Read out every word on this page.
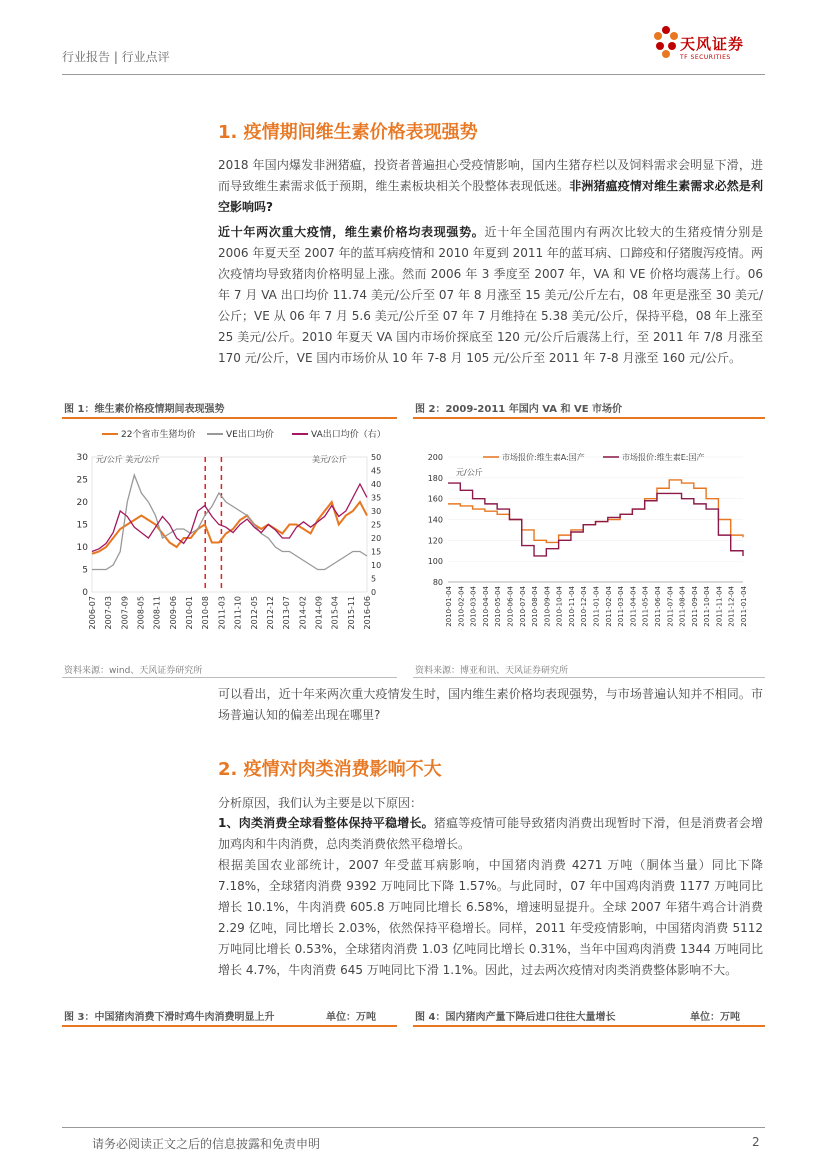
行业报告 | 行业点评
天风证券
TF SECURITIES
1. 疫情期间维生素价格表现强势
2018 年国内爆发非洲猪瘟，投资者普遍担心受疫情影响，国内生猪存栏以及饲料需求会明显下滑，进而导致维生素需求低于预期，维生素板块相关个股整体表现低迷。非洲猪瘟疫情对维生素需求必然是利空影响吗?
近十年两次重大疫情，维生素价格均表现强势。近十年全国范围内有两次比较大的生猪疫情分别是 2006 年夏天至 2007 年的蓝耳病疫情和 2010 年夏到 2011 年的蓝耳病、口蹄疫和仔猪腹泻疫情。两次疫情均导致猪肉价格明显上涨。然而 2006 年 3 季度至 2007 年，VA 和 VE 价格均震荡上行。06 年 7 月 VA 出口均价 11.74 美元/公斤至 07 年 8 月涨至 15 美元/公斤左右，08 年更是涨至 30 美元/公斤；VE 从 06 年 7 月 5.6 美元/公斤至 07 年 7 月维持在 5.38 美元/公斤，保持平稳，08 年上涨至 25 美元/公斤。2010 年夏天 VA 国内市场价探底至 120 元/公斤后震荡上行，至 2011 年 7/8 月涨至 170 元/公斤，VE 国内市场价从 10 年 7-8 月 105 元/公斤至 2011 年 7-8 月涨至 160 元/公斤。
图 1：维生素价格疫情期间表现强势
22个省市生猪均价	VE出口均价	VA出口均价（右）
元/公斤 美元/公斤	美元/公斤
0
5
10
15
20
25
30
0
5
10
15
20
25
30
35
40
45
50
2006-07 2007-03 2007-09 2008-05 2008-11 2009-06 2010-01 2010-08 2011-03 2011-10 2012-05 2012-12 2013-07 2014-02 2014-09 2015-04 2015-11 2016-06
资料来源：wind、天风证券研究所
图 2：2009-2011 年国内 VA 和 VE 市场价
市场报价:维生素A:国产	市场报价:维生素E:国产
元/公斤
80
100
120
140
160
180
200
2010-01-04 2010-02-04 2010-03-04 2010-04-04 2010-05-04 2010-06-04 2010-07-04 2010-08-04 2010-09-04 2010-10-04 2010-11-04 2010-12-04 2011-01-04 2011-02-04 2011-03-04 2011-04-04 2011-05-04 2011-06-04 2011-07-04 2011-08-04 2011-09-04 2011-10-04 2011-11-04 2011-12-04 2011-01-04
资料来源：博亚和讯、天风证券研究所
可以看出，近十年来两次重大疫情发生时，国内维生素价格均表现强势，与市场普遍认知并不相同。市场普遍认知的偏差出现在哪里?
2. 疫情对肉类消费影响不大
分析原因，我们认为主要是以下原因：
1、肉类消费全球看整体保持平稳增长。猪瘟等疫情可能导致猪肉消费出现暂时下滑，但是消费者会增加鸡肉和牛肉消费，总肉类消费依然平稳增长。
根据美国农业部统计，2007 年受蓝耳病影响，中国猪肉消费 4271 万吨（胴体当量）同比下降 7.18%，全球猪肉消费 9392 万吨同比下降 1.57%。与此同时，07 年中国鸡肉消费 1177 万吨同比增长 10.1%，牛肉消费 605.8 万吨同比增长 6.58%，增速明显提升。全球 2007 年猪牛鸡合计消费 2.29 亿吨，同比增长 2.03%，依然保持平稳增长。同样，2011 年受疫情影响，中国猪肉消费 5112 万吨同比增长 0.53%，全球猪肉消费 1.03 亿吨同比增长 0.31%，当年中国鸡肉消费 1344 万吨同比增长 4.7%，牛肉消费 645 万吨同比下滑 1.1%。因此，过去两次疫情对肉类消费整体影响不大。
图 3：中国猪肉消费下滑时鸡牛肉消费明显上升	单位：万吨	图 4：国内猪肉产量下降后进口往往大量增长	单位：万吨
请务必阅读正文之后的信息披露和免责申明	2
